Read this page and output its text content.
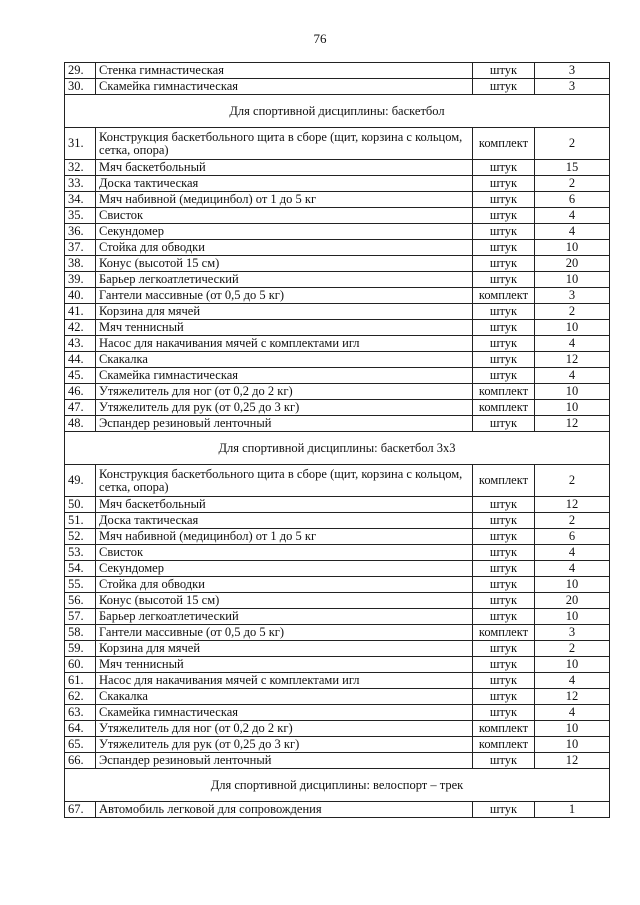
76
29.	Стенка гимнастическая	штук	3
30.	Скамейка гимнастическая	штук	3
Для спортивной дисциплины: баскетбол			
31.	Конструкция баскетбольного щита в сборе (щит, корзина с кольцом, сетка, опора)	комплект	2
32.	Мяч баскетбольный	штук	15
33.	Доска тактическая	штук	2
34.	Мяч набивной (медицинбол) от 1 до 5 кг	штук	6
35.	Свисток	штук	4
36.	Секундомер	штук	4
37.	Стойка для обводки	штук	10
38.	Конус (высотой 15 см)	штук	20
39.	Барьер легкоатлетический	штук	10
40.	Гантели массивные (от 0,5 до 5 кг)	комплект	3
41.	Корзина для мячей	штук	2
42.	Мяч теннисный	штук	10
43.	Насос для накачивания мячей с комплектами игл	штук	4
44.	Скакалка	штук	12
45.	Скамейка гимнастическая	штук	4
46.	Утяжелитель для ног (от 0,2 до 2 кг)	комплект	10
47.	Утяжелитель для рук (от 0,25 до 3 кг)	комплект	10
48.	Эспандер резиновый ленточный	штук	12
Для спортивной дисциплины: баскетбол 3x3			
49.	Конструкция баскетбольного щита в сборе (щит, корзина с кольцом, сетка, опора)	комплект	2
50.	Мяч баскетбольный	штук	12
51.	Доска тактическая	штук	2
52.	Мяч набивной (медицинбол) от 1 до 5 кг	штук	6
53.	Свисток	штук	4
54.	Секундомер	штук	4
55.	Стойка для обводки	штук	10
56.	Конус (высотой 15 см)	штук	20
57.	Барьер легкоатлетический	штук	10
58.	Гантели массивные (от 0,5 до 5 кг)	комплект	3
59.	Корзина для мячей	штук	2
60.	Мяч теннисный	штук	10
61.	Насос для накачивания мячей с комплектами игл	штук	4
62.	Скакалка	штук	12
63.	Скамейка гимнастическая	штук	4
64.	Утяжелитель для ног (от 0,2 до 2 кг)	комплект	10
65.	Утяжелитель для рук (от 0,25 до 3 кг)	комплект	10
66.	Эспандер резиновый ленточный	штук	12
Для спортивной дисциплины: велоспорт – трек			
67.	Автомобиль легковой для сопровождения	штук	1
